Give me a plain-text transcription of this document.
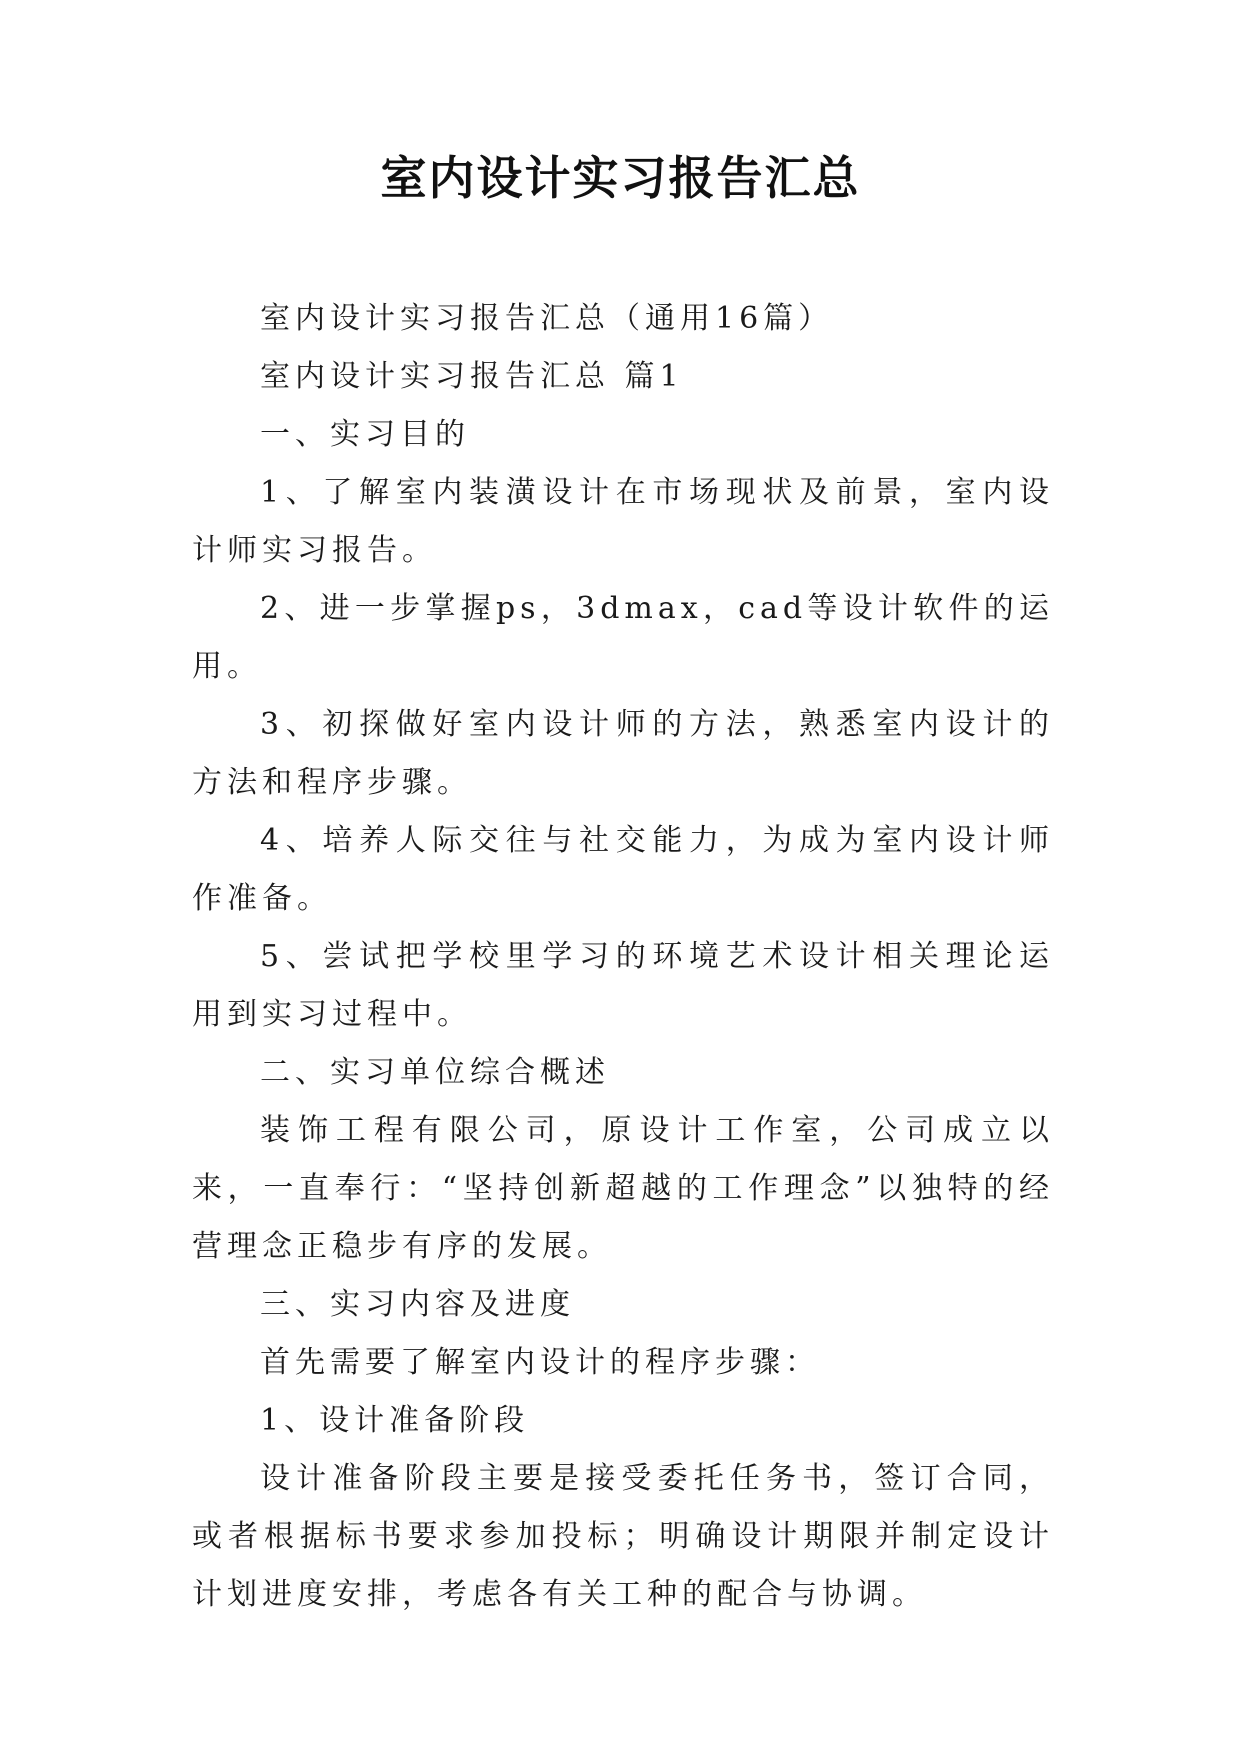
室内设计实习报告汇总

室内设计实习报告汇总（通用16篇）

室内设计实习报告汇总 篇1

一、实习目的

1、了解室内装潢设计在市场现状及前景，室内设计师实习报告。

2、进一步掌握ps，3dmax，cad等设计软件的运用。

3、初探做好室内设计师的方法，熟悉室内设计的方法和程序步骤。

4、培养人际交往与社交能力，为成为室内设计师作准备。

5、尝试把学校里学习的环境艺术设计相关理论运用到实习过程中。

二、实习单位综合概述

装饰工程有限公司，原设计工作室，公司成立以来，一直奉行：“坚持创新超越的工作理念”以独特的经营理念正稳步有序的发展。

三、实习内容及进度

首先需要了解室内设计的程序步骤：

1、设计准备阶段

设计准备阶段主要是接受委托任务书，签订合同，或者根据标书要求参加投标；明确设计期限并制定设计计划进度安排，考虑各有关工种的配合与协调。
